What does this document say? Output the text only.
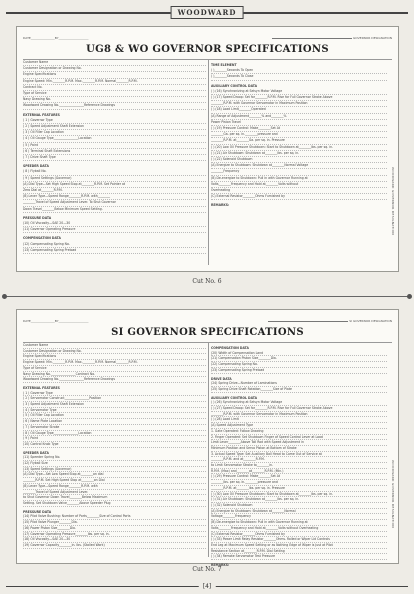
WOODWARD
DATE________________BY____________________	GOVERNOR DESIGNATION
UG8 & WO GOVERNOR SPECIFICATIONS
Customer Name
Customer Designation or Drawing No.
Engine Specifications
Engine Speed: Min.________R.P.M. Max.________R.P.M. Normal________R.P.M.
Contract No.
Type of Service
Navy Drawing No.
Woodward Drawing No.________________Reference Drawings
EXTERNAL FEATURES
( 1 ) Governor Type
( 2 ) Speed Adjustment Shaft Extension
( 3 ) Oil Filler Cap Location
( 4 ) Oil Gauge Type________________Location
( 5 ) Paint
( 6 ) Terminal Shaft Extensions
( 7 ) Drive Shaft Type
SPEEDER DATA
( 8 ) Flyball No.
( 9 ) Speed Settings (Governor)
(A) Dial Type—Set High Speed Stop at________R.P.M. Set Pointer at
Zero Dial at________R.P.M.
(B) Lever Type—Speed Range________R.P.M. with________
________Travel of Speed Adjustment Lever. To Shut Governor
Down Travel________Below Minimum Speed Setting.
PRESSURE DATA
(10) Oil Viscosity—SAE 20—30
(11) Governor Operating Pressure
COMPENSATION DATA
(12) Compensating Spring No.
(13) Compensating Spring Preload
TIME ELEMENT
( )________Seconds To Open
( )________Seconds To Close
AUXILIARY CONTROL DATA
( ) (16) Synchronizing at Selsyn Motor Voltage
( ) (17) Speed Droop: Set for________R.P.M. Rise for Full Governor Stroke Above
________R.P.M. with Governor Servomotor in Maximum Position
( ) (18) Load Limit________Operated
(A) Range of Adjustment________% and________%
Power Piston Travel
( ) (19) Pressure Control: Make________Set At
________Ga. per sq. in.________pressure and
________R.P.M. at________Ga. per sq. in. Pressure
( ) (20) Low Oil Pressure Shutdown: Start to Shutdown at________lbs. per sq. in.
( ) (21) Air Shutdown: Shutdown at________lbs. per sq. in.
( ) (22) Solenoid Shutdown
(A) Energize to Shutdown: Shutdown at________Normal Voltage
________Frequency
(B) De-energize to Shutdown: Pull in with Governor Running at
Volts________Frequency and Hold at________Volts without
Overheating
(C) External Resistor________Ohms Furnished by
REMARKS:	WOODWARD GOVERNOR DESIGNATION
Cut No. 6
DATE________________BY____________________	SI GOVERNOR DESIGNATION
SI GOVERNOR SPECIFICATIONS
Customer Name
Customer Designation or Drawing No.
Engine Specifications
Engine Speed: Min.________R.P.M. Max.________R.P.M. Normal________R.P.M.
Type of Service
Navy Drawing No.________________Contract No.
Woodward Drawing No.________________Reference Drawings
EXTERNAL FEATURES
( 1 ) Governor Type
( 2 ) Servomotor Construct________________Position
( 3 ) Speed Adjustment Shaft Extension
( 4 ) Servomotor Type
( 5 ) Oil Filler Cap Location
( 6 ) Name Plate Location
( 7 ) Servomotor Stroke
( 8 ) Oil Gauge Type________________Location
( 9 ) Paint
(10) Control Knob Type
SPEEDER DATA
(11) Speeder Spring No.
(12) Flyball Size
(13) Speed Settings (Governor)
(A) Dial Type—Set Low Speed Stop at________on dial
________R.P.M. Set High Speed Stop at________on Dial
(B) Lever Type—Speed Range________R.P.M. with
________Travel of Speed Adjustment Lever.
to Shut Governor Down Travel________Below Maximum
Setting. Set Shutdown Valve________Above Speeder Plug
PRESSURE DATA
(14) Pilot Valve Bushing: Number of Ports________Size of Control Ports
(15) Pilot Valve Plunger________Dia.
(16) Power Piston Size________Dia.
(17) Governor Operating Pressure________lbs. per sq. in.
(18) Oil Viscosity—SAE 20—30
(19) Governor Capacity________in. lbs. (Stalled Work)
COMPENSATION DATA
(20) Width of Compensation Land
(21) Compensation Piston Size________Dia.
(22) Compensating Spring No.
(23) Compensating Spring Preload
DRIVE DATA
(24) Spring Drive—Number of Laminations
(25) Spring Drive Shaft Rotation________Size of Plate
AUXILIARY CONTROL DATA
( ) (26) Synchronizing at Selsyn Motor Voltage
( ) (27) Speed Droop: Set for________R.P.M. Rise for Full Governor Stroke Above
________R.P.M. with Governor Servomotor in Maximum Position
( ) (28) Load Limit
(A) Speed Adjustment Type
1. Gate Operated: Follow Drawing
2. Finger Operated: Set Shutdown Finger of Speed Control Lever at Load
Limit Lever________Above Toll Rod with Speed Adjustment in
Minimum Position and Servo Piston at Bottom of Stroke
3. Actual Speed Type: Set Auxiliary Ball Head to Come Out of Service at
________R.P.M. and at________R.P.M.
to Limit Servomotor Stroke to________in.
R.P.M. (Max) and________at________R.P.M. (Min.)
( ) (29) Pressure Control: Make________Set At
________lbs. per sq. in.________pressure and
________R.P.M. at________lbs. per sq. in. Pressure
( ) (30) Low Oil Pressure Shutdown: Start to Shutdown at________lbs. per sq. in.
( ) (31) Air Shutdown: Shutdown at________lbs. per sq. in.
( ) (32) Solenoid Shutdown
(A) Energize to Shutdown: Shutdown at________Normal
Voltage________Frequency
(B) De-energize to Shutdown: Pull in with Governor Running at
Volts________Frequency and Hold at________Volts without Overheating
(C) External Resistor________Ohms Furnished by
( ) (33) Power Limit Relay Resistor________Ohms. Rolled or Wiper Lid Controls
End Leg at Maximum Speed Setting or as Nothing Edge of Wiper is Just at Pilot
Resistance Section at________R.P.M. Dial Setting
( ) (34) Remote Servomotor Test Pressure
REMARKS:
WOODWARD GOVERNOR DESIGNATION
Cut No. 7
[4]
